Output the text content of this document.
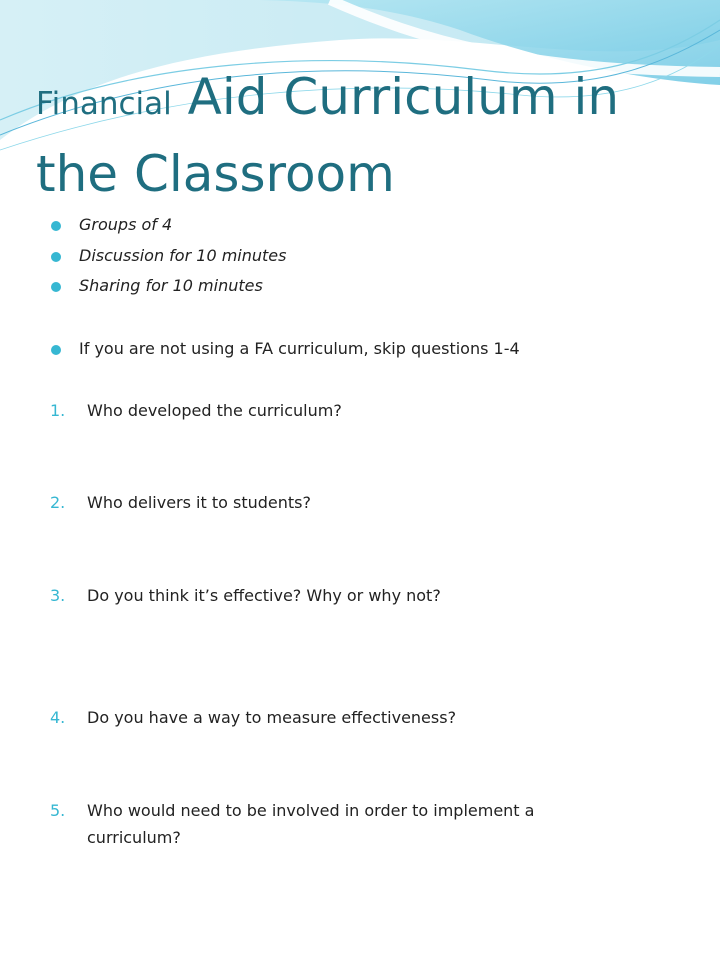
Financial Aid Curriculum in the Classroom
Groups of 4
Discussion for 10 minutes
Sharing for 10 minutes
If you are not using a FA curriculum, skip questions 1-4
1. Who developed the curriculum?
2. Who delivers it to students?
3. Do you think it’s effective? Why or why not?
4. Do you have a way to measure effectiveness?
5. Who would need to be involved in order to implement a curriculum?
